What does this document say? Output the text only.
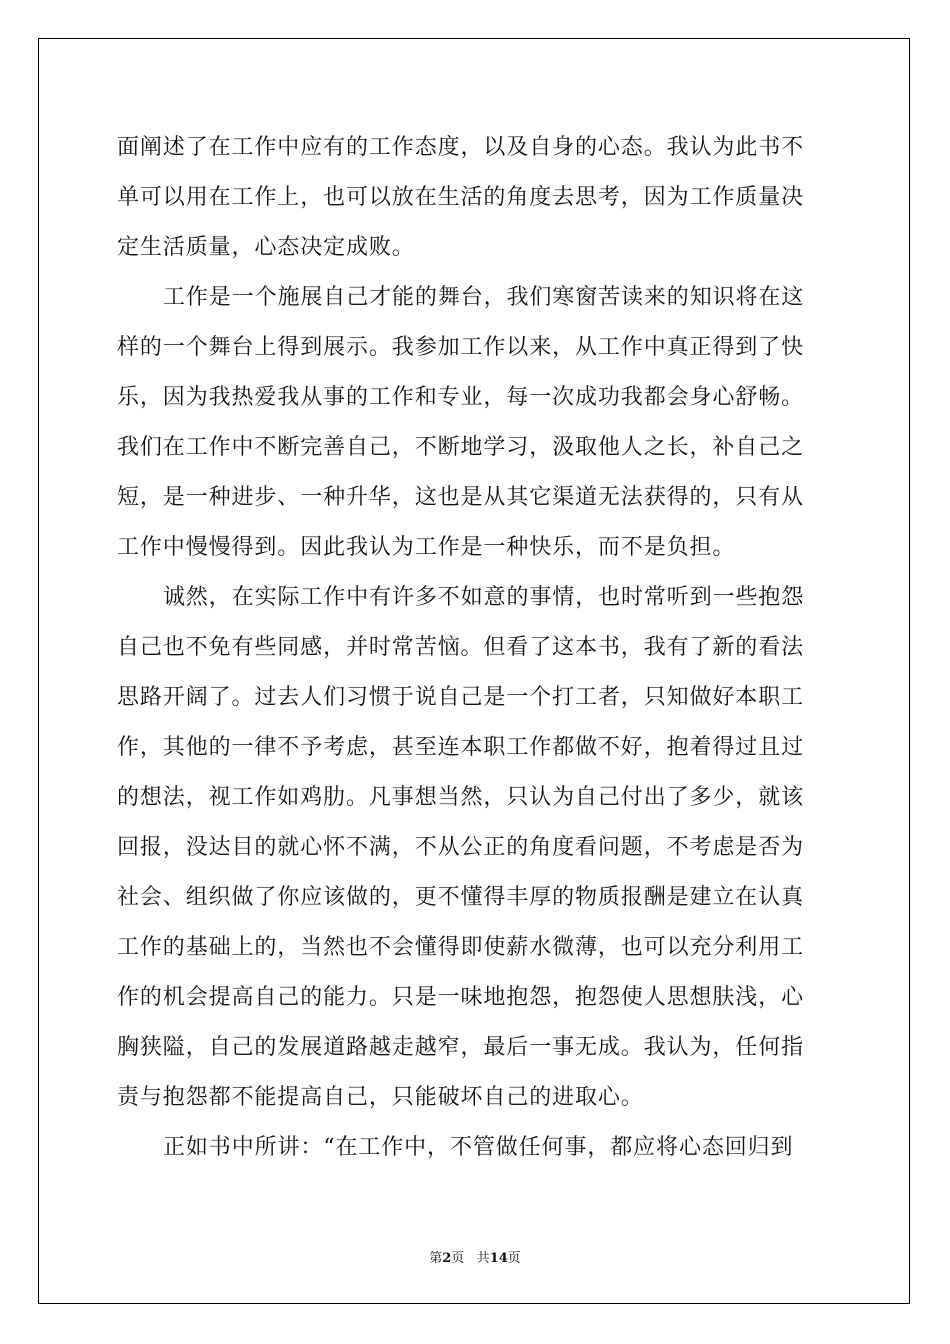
面阐述了在工作中应有的工作态度，以及自身的心态。我认为此书不
单可以用在工作上，也可以放在生活的角度去思考，因为工作质量决
定生活质量，心态决定成败。
工作是一个施展自己才能的舞台，我们寒窗苦读来的知识将在这
样的一个舞台上得到展示。我参加工作以来，从工作中真正得到了快
乐，因为我热爱我从事的工作和专业，每一次成功我都会身心舒畅。
我们在工作中不断完善自己，不断地学习，汲取他人之长，补自己之
短，是一种进步、一种升华，这也是从其它渠道无法获得的，只有从
工作中慢慢得到。因此我认为工作是一种快乐，而不是负担。
诚然，在实际工作中有许多不如意的事情，也时常听到一些抱怨
自己也不免有些同感，并时常苦恼。但看了这本书，我有了新的看法
思路开阔了。过去人们习惯于说自己是一个打工者，只知做好本职工
作，其他的一律不予考虑，甚至连本职工作都做不好，抱着得过且过
的想法，视工作如鸡肋。凡事想当然，只认为自己付出了多少，就该
回报，没达目的就心怀不满，不从公正的角度看问题，不考虑是否为
社会、组织做了你应该做的，更不懂得丰厚的物质报酬是建立在认真
工作的基础上的，当然也不会懂得即使薪水微薄，也可以充分利用工
作的机会提高自己的能力。只是一味地抱怨，抱怨使人思想肤浅，心
胸狭隘，自己的发展道路越走越窄，最后一事无成。我认为，任何指
责与抱怨都不能提高自己，只能破坏自己的进取心。
正如书中所讲：“在工作中，不管做任何事，都应将心态回归到
第2页 共14页
